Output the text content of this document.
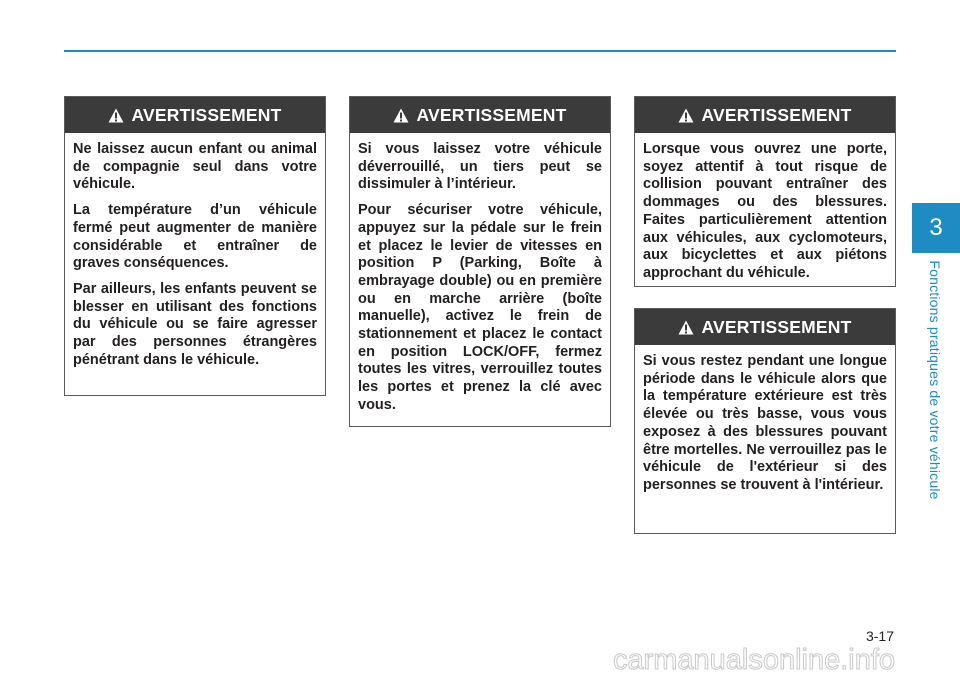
3
Fonctions pratiques de votre véhicule
AVERTISSEMENT

Ne laissez aucun enfant ou animal de compagnie seul dans votre véhicule.

La température d’un véhicule fermé peut augmenter de manière considérable et entraîner de graves conséquences.

Par ailleurs, les enfants peuvent se blesser en utilisant des fonctions du véhicule ou se faire agresser par des personnes étrangères pénétrant dans le véhicule.

AVERTISSEMENT

Si vous laissez votre véhicule déverrouillé, un tiers peut se dissimuler à l’intérieur.

Pour sécuriser votre véhicule, appuyez sur la pédale sur le frein et placez le levier de vitesses en position P (Parking, Boîte à embrayage double) ou en première ou en marche arrière (boîte manuelle), activez le frein de stationnement et placez le contact en position LOCK/OFF, fermez toutes les vitres, verrouillez toutes les portes et prenez la clé avec vous.

AVERTISSEMENT

Lorsque vous ouvrez une porte, soyez attentif à tout risque de collision pouvant entraîner des dommages ou des blessures. Faites particulièrement attention aux véhicules, aux cyclomoteurs, aux bicyclettes et aux piétons approchant du véhicule.

AVERTISSEMENT

Si vous restez pendant une longue période dans le véhicule alors que la température extérieure est très élevée ou très basse, vous vous exposez à des blessures pouvant être mortelles. Ne verrouillez pas le véhicule de l'extérieur si des personnes se trouvent à l'intérieur.

3-17
carmanualsonline.info
